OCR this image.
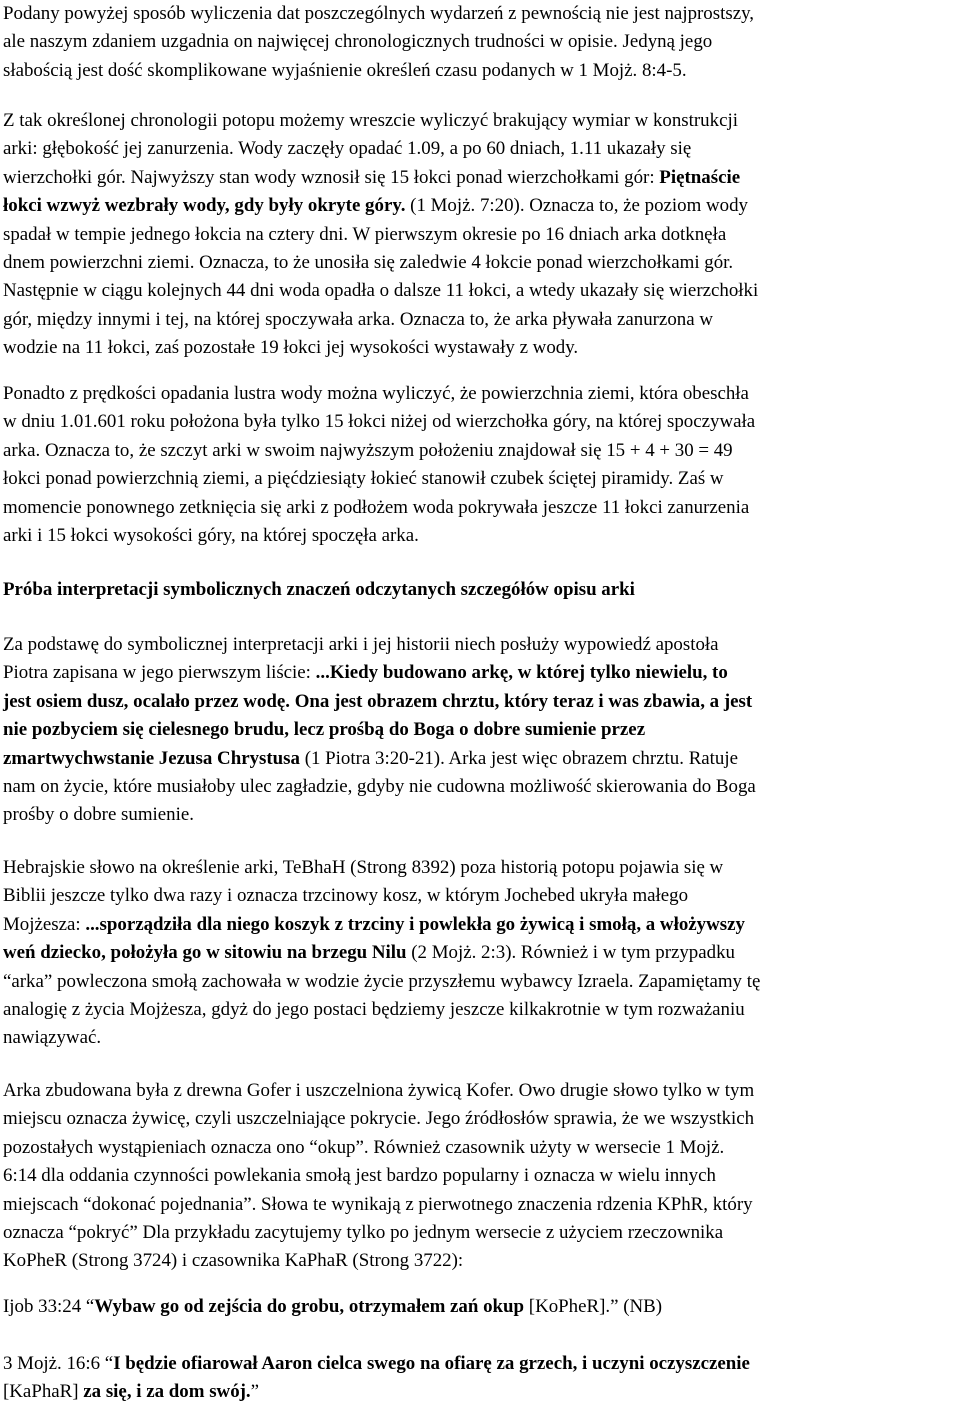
Podany powyżej sposób wyliczenia dat poszczególnych wydarzeń z pewnością nie jest najprostszy,
ale naszym zdaniem uzgadnia on najwięcej chronologicznych trudności w opisie. Jedyną jego
słabością jest dość skomplikowane wyjaśnienie określeń czasu podanych w 1 Mojż. 8:4-5.
Z tak określonej chronologii potopu możemy wreszcie wyliczyć brakujący wymiar w konstrukcji
arki: głębokość jej zanurzenia. Wody zaczęły opadać 1.09, a po 60 dniach, 1.11 ukazały się
wierzchołki gór. Najwyższy stan wody wznosił się 15 łokci ponad wierzchołkami gór: Piętnaście
łokci wzwyż wezbrały wody, gdy były okryte góry. (1 Mojż. 7:20). Oznacza to, że poziom wody
spadał w tempie jednego łokcia na cztery dni. W pierwszym okresie po 16 dniach arka dotknęła
dnem powierzchni ziemi. Oznacza, to że unosiła się zaledwie 4 łokcie ponad wierzchołkami gór.
Następnie w ciągu kolejnych 44 dni woda opadła o dalsze 11 łokci, a wtedy ukazały się wierzchołki
gór, między innymi i tej, na której spoczywała arka. Oznacza to, że arka pływała zanurzona w
wodzie na 11 łokci, zaś pozostałe 19 łokci jej wysokości wystawały z wody.
Ponadto z prędkości opadania lustra wody można wyliczyć, że powierzchnia ziemi, która obeschła
w dniu 1.01.601 roku położona była tylko 15 łokci niżej od wierzchołka góry, na której spoczywała
arka. Oznacza to, że szczyt arki w swoim najwyższym położeniu znajdował się 15 + 4 + 30 = 49
łokci ponad powierzchnią ziemi, a pięćdziesiąty łokieć stanowił czubek ściętej piramidy. Zaś w
momencie ponownego zetknięcia się arki z podłożem woda pokrywała jeszcze 11 łokci zanurzenia
arki i 15 łokci wysokości góry, na której spoczęła arka.
Próba interpretacji symbolicznych znaczeń odczytanych szczegółów opisu arki
Za podstawę do symbolicznej interpretacji arki i jej historii niech posłuży wypowiedź apostoła
Piotra zapisana w jego pierwszym liście: ...Kiedy budowano arkę, w której tylko niewielu, to
jest osiem dusz, ocalało przez wodę. Ona jest obrazem chrztu, który teraz i was zbawia, a jest
nie pozbyciem się cielesnego brudu, lecz prośbą do Boga o dobre sumienie przez
zmartwychwstanie Jezusa Chrystusa (1 Piotra 3:20-21). Arka jest więc obrazem chrztu. Ratuje
nam on życie, które musiałoby ulec zagładzie, gdyby nie cudowna możliwość skierowania do Boga
prośby o dobre sumienie.
Hebrajskie słowo na określenie arki, TeBhaH (Strong 8392) poza historią potopu pojawia się w
Biblii jeszcze tylko dwa razy i oznacza trzcinowy kosz, w którym Jochebed ukryła małego
Mojżesza: ...sporządziła dla niego koszyk z trzciny i powlekła go żywicą i smołą, a włożywszy
weń dziecko, położyła go w sitowiu na brzegu Nilu (2 Mojż. 2:3). Również i w tym przypadku
“arka” powleczona smołą zachowała w wodzie życie przyszłemu wybawcy Izraela. Zapamiętamy tę
analogię z życia Mojżesza, gdyż do jego postaci będziemy jeszcze kilkakrotnie w tym rozważaniu
nawiązywać.
Arka zbudowana była z drewna Gofer i uszczelniona żywicą Kofer. Owo drugie słowo tylko w tym
miejscu oznacza żywicę, czyli uszczelniające pokrycie. Jego źródłosłów sprawia, że we wszystkich
pozostałych wystąpieniach oznacza ono “okup”. Również czasownik użyty w wersecie 1 Mojż.
6:14 dla oddania czynności powlekania smołą jest bardzo popularny i oznacza w wielu innych
miejscach “dokonać pojednania”. Słowa te wynikają z pierwotnego znaczenia rdzenia KPhR, który
oznacza “pokryć” Dla przykładu zacytujemy tylko po jednym wersecie z użyciem rzeczownika
KoPheR (Strong 3724) i czasownika KaPhaR (Strong 3722):
Ijob 33:24 “Wybaw go od zejścia do grobu, otrzymałem zań okup [KoPheR].” (NB)
3 Mojż. 16:6 “I będzie ofiarował Aaron cielca swego na ofiarę za grzech, i uczyni oczyszczenie
[KaPhaR] za się, i za dom swój.”
